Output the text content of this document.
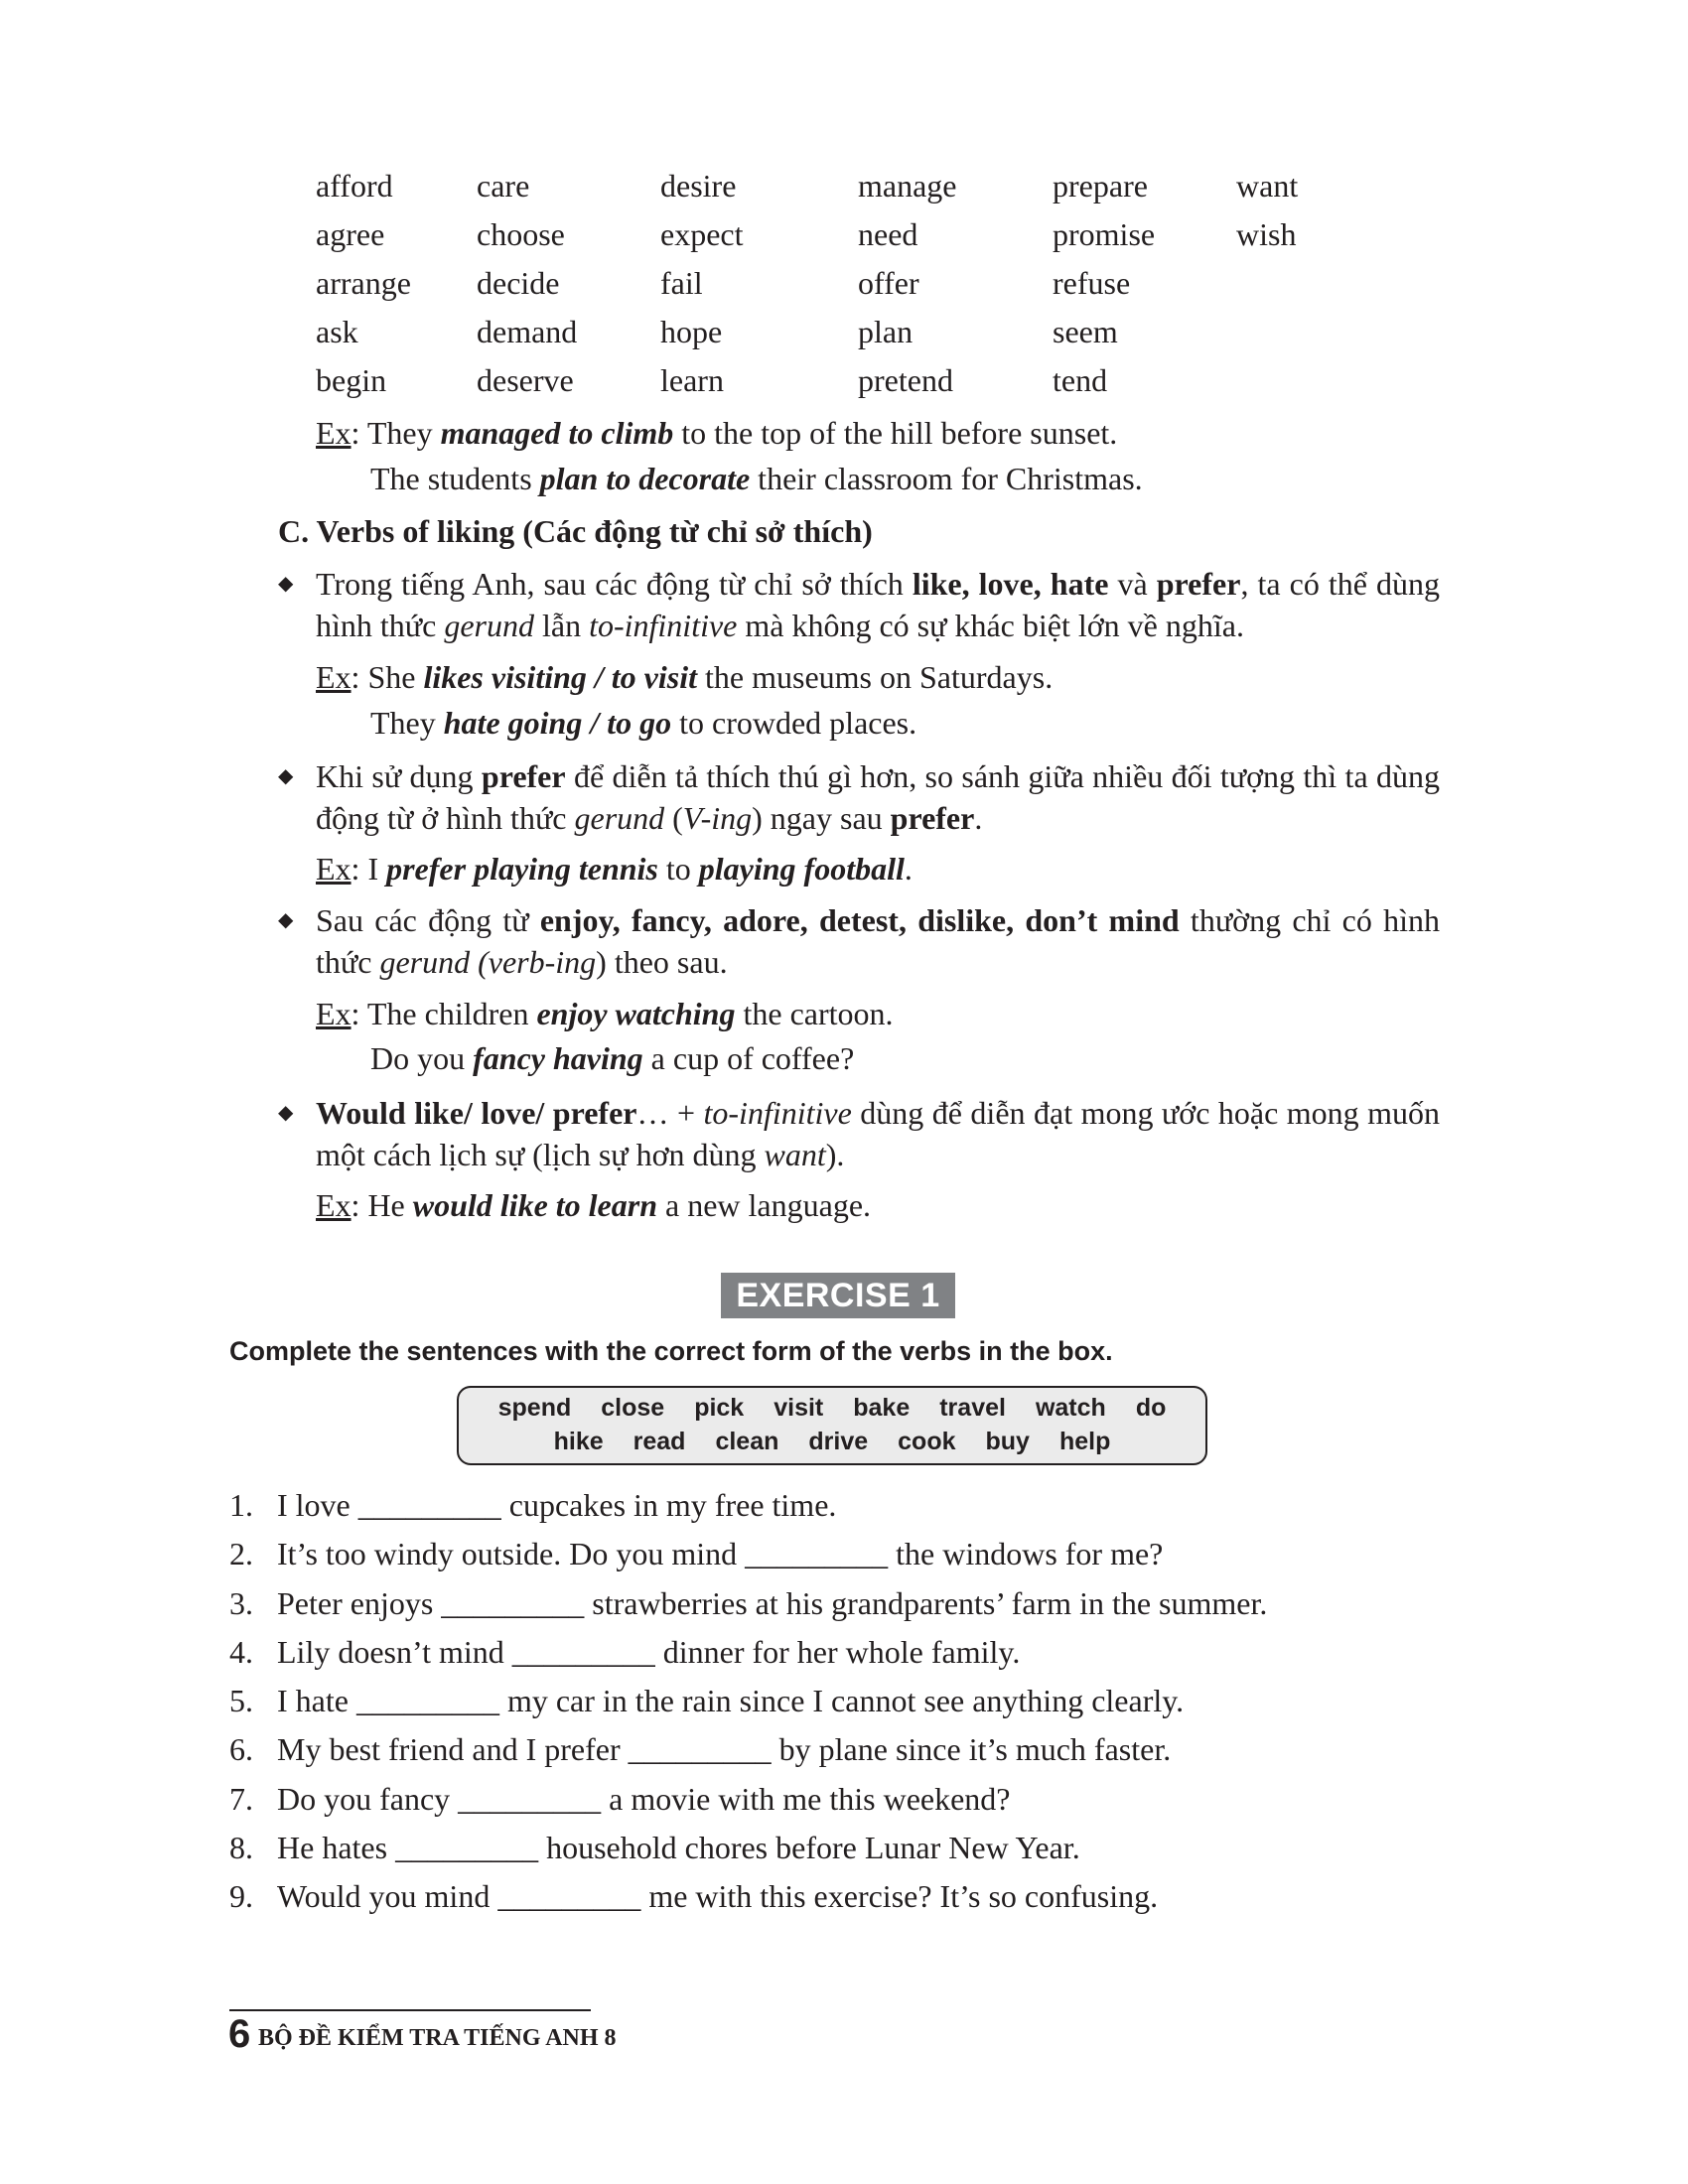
afford
agree
arrange
ask
begin
care
choose
decide
demand
deserve
desire
expect
fail
hope
learn
manage
need
offer
plan
pretend
prepare
promise
refuse
seem
tend
want
wish
Ex: They managed to climb to the top of the hill before sunset.
The students plan to decorate their classroom for Christmas.
C. Verbs of liking (Các động từ chỉ sở thích)
◆ Trong tiếng Anh, sau các động từ chỉ sở thích like, love, hate và prefer, ta có thể dùng hình thức gerund lẫn to-infinitive mà không có sự khác biệt lớn về nghĩa.
Ex: She likes visiting / to visit the museums on Saturdays.
They hate going / to go to crowded places.
◆ Khi sử dụng prefer để diễn tả thích thú gì hơn, so sánh giữa nhiều đối tượng thì ta dùng động từ ở hình thức gerund (V-ing) ngay sau prefer.
Ex: I prefer playing tennis to playing football.
◆ Sau các động từ enjoy, fancy, adore, detest, dislike, don’t mind thường chỉ có hình thức gerund (verb-ing) theo sau.
Ex: The children enjoy watching the cartoon.
Do you fancy having a cup of coffee?
◆ Would like/ love/ prefer… + to-infinitive dùng để diễn đạt mong ước hoặc mong muốn một cách lịch sự (lịch sự hơn dùng want).
Ex: He would like to learn a new language.
EXERCISE 1
Complete the sentences with the correct form of the verbs in the box.
spend close pick visit bake travel watch do
hike read clean drive cook buy help
1. I love _________ cupcakes in my free time.
2. It’s too windy outside. Do you mind _________ the windows for me?
3. Peter enjoys _________ strawberries at his grandparents’ farm in the summer.
4. Lily doesn’t mind _________ dinner for her whole family.
5. I hate _________ my car in the rain since I cannot see anything clearly.
6. My best friend and I prefer _________ by plane since it’s much faster.
7. Do you fancy _________ a movie with me this weekend?
8. He hates _________ household chores before Lunar New Year.
9. Would you mind _________ me with this exercise? It’s so confusing.
6 BỘ ĐỀ KIỂM TRA TIẾNG ANH 8
